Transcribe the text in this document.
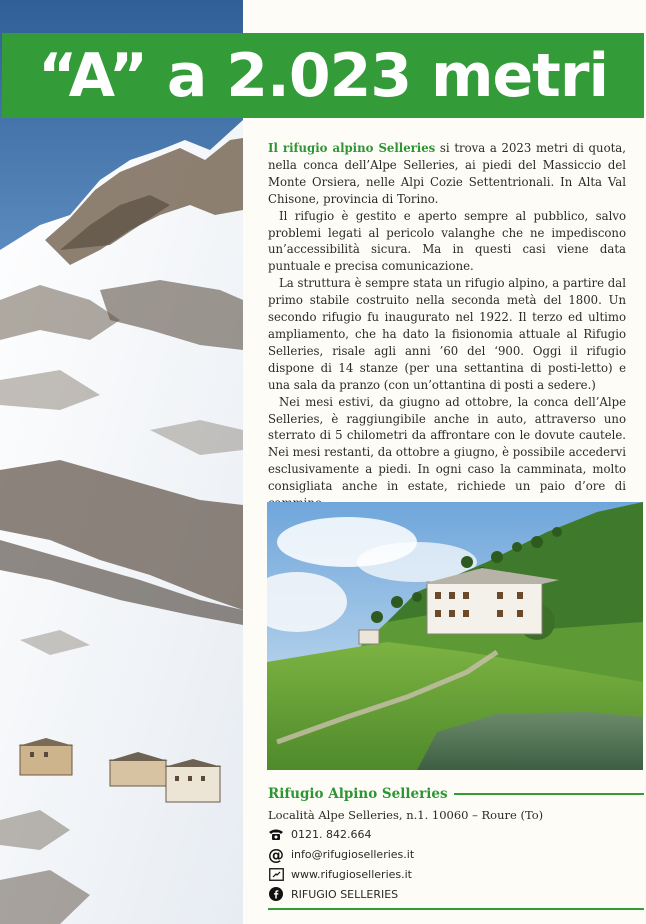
“A” a 2.023 metri

Il rifugio alpino Selleries si trova a 2023 metri di quota, nella conca dell’Alpe Selleries, ai piedi del Massiccio del Monte Orsiera, nelle Alpi Cozie Settentrionali. In Alta Val Chisone, provincia di Torino.

Il rifugio è gestito e aperto sempre al pubblico, salvo problemi legati al pericolo valanghe che ne impediscono un’accessibilità sicura. Ma in questi casi viene data puntuale e precisa comunicazione.

La struttura è sempre stata un rifugio alpino, a partire dal primo stabile costruito nella seconda metà del 1800. Un secondo rifugio fu inaugurato nel 1922. Il terzo ed ultimo ampliamento, che ha dato la fisionomia attuale al Rifugio Selleries, risale agli anni ’60 del ‘900. Oggi il rifugio dispone di 14 stanze (per una settantina di posti-letto) e una sala da pranzo (con un’ottantina di posti a sedere.)

Nei mesi estivi, da giugno ad ottobre, la conca dell’Alpe Selleries, è raggiungibile anche in auto, attraverso uno sterrato di 5 chilometri da affrontare con le dovute cautele. Nei mesi restanti, da ottobre a giugno, è possibile accedervi esclusivamente a piedi. In ogni caso la camminata, molto consigliata anche in estate, richiede un paio d’ore di

Rifugio Alpino Selleries
Località Alpe Selleries, n.1. 10060 – Roure (To)
0121. 842.664
@ info@rifugioselleries.it
www.rifugioselleries.it
RIFUGIO SELLERIES
